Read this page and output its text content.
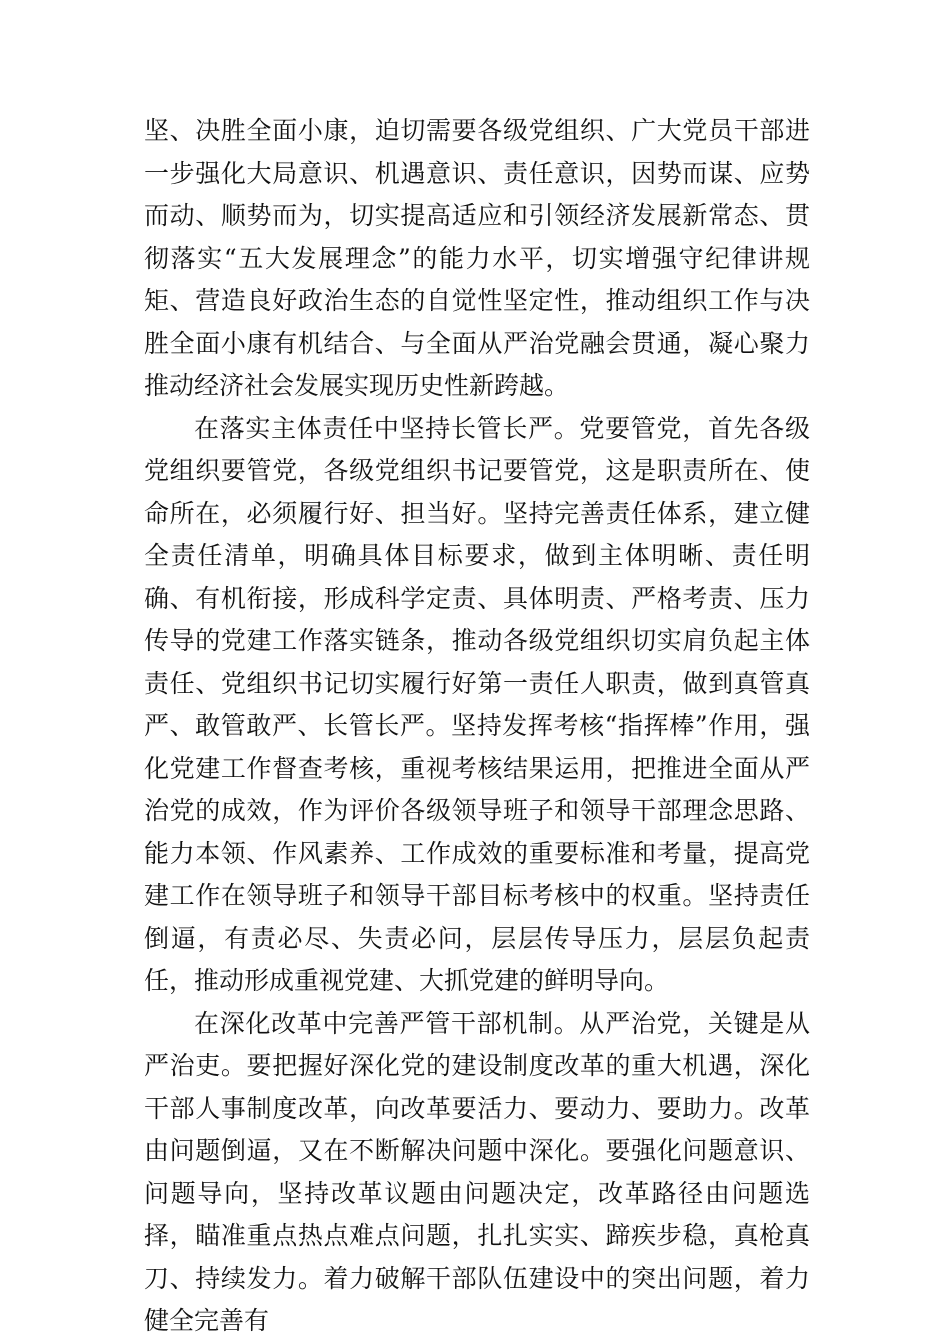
坚、决胜全面小康，迫切需要各级党组织、广大党员干部进一步强化大局意识、机遇意识、责任意识，因势而谋、应势而动、顺势而为，切实提高适应和引领经济发展新常态、贯彻落实“五大发展理念”的能力水平，切实增强守纪律讲规矩、营造良好政治生态的自觉性坚定性，推动组织工作与决胜全面小康有机结合、与全面从严治党融会贯通，凝心聚力推动经济社会发展实现历史性新跨越。

在落实主体责任中坚持长管长严。党要管党，首先各级党组织要管党，各级党组织书记要管党，这是职责所在、使命所在，必须履行好、担当好。坚持完善责任体系，建立健全责任清单，明确具体目标要求，做到主体明晰、责任明确、有机衔接，形成科学定责、具体明责、严格考责、压力传导的党建工作落实链条，推动各级党组织切实肩负起主体责任、党组织书记切实履行好第一责任人职责，做到真管真严、敢管敢严、长管长严。坚持发挥考核“指挥棒”作用，强化党建工作督查考核，重视考核结果运用，把推进全面从严治党的成效，作为评价各级领导班子和领导干部理念思路、能力本领、作风素养、工作成效的重要标准和考量，提高党建工作在领导班子和领导干部目标考核中的权重。坚持责任倒逼，有责必尽、失责必问，层层传导压力，层层负起责任，推动形成重视党建、大抓党建的鲜明导向。

在深化改革中完善严管干部机制。从严治党，关键是从严治吏。要把握好深化党的建设制度改革的重大机遇，深化干部人事制度改革，向改革要活力、要动力、要助力。改革由问题倒逼，又在不断解决问题中深化。要强化问题意识、问题导向，坚持改革议题由问题决定，改革路径由问题选择，瞄准重点热点难点问题，扎扎实实、蹄疾步稳，真枪真刀、持续发力。着力破解干部队伍建设中的突出问题，着力健全完善有
